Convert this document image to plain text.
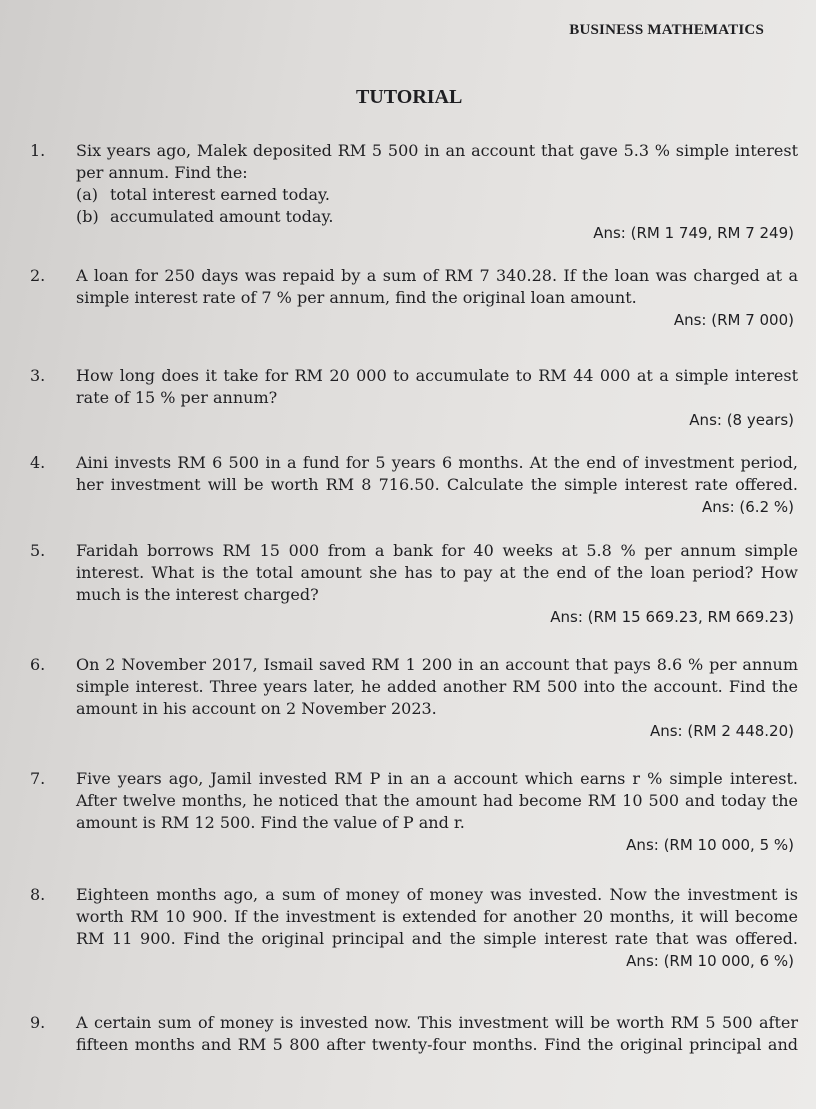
BUSINESS MATHEMATICS
TUTORIAL
1.	Six years ago, Malek deposited RM 5 500 in an account that gave 5.3 % simple interest
per annum. Find the:
(a) total interest earned today.
(b) accumulated amount today.
Ans: (RM 1 749, RM 7 249)
2.	A loan for 250 days was repaid by a sum of RM 7 340.28. If the loan was charged at a
simple interest rate of 7 % per annum, find the original loan amount.
Ans: (RM 7 000)
3.	How long does it take for RM 20 000 to accumulate to RM 44 000 at a simple interest
rate of 15 % per annum?
Ans: (8 years)
4.	Aini invests RM 6 500 in a fund for 5 years 6 months. At the end of investment period,
her investment will be worth RM 8 716.50. Calculate the simple interest rate offered.
Ans: (6.2 %)
5.	Faridah borrows RM 15 000 from a bank for 40 weeks at 5.8 % per annum simple
interest. What is the total amount she has to pay at the end of the loan period? How
much is the interest charged?
Ans: (RM 15 669.23, RM 669.23)
6.	On 2 November 2017, Ismail saved RM 1 200 in an account that pays 8.6 % per annum
simple interest. Three years later, he added another RM 500 into the account. Find the
amount in his account on 2 November 2023.
Ans: (RM 2 448.20)
7.	Five years ago, Jamil invested RM P in an a account which earns r % simple interest.
After twelve months, he noticed that the amount had become RM 10 500 and today the
amount is RM 12 500. Find the value of P and r.
Ans: (RM 10 000, 5 %)
8.	Eighteen months ago, a sum of money of money was invested. Now the investment is
worth RM 10 900. If the investment is extended for another 20 months, it will become
RM 11 900. Find the original principal and the simple interest rate that was offered.
Ans: (RM 10 000, 6 %)
9.	A certain sum of money is invested now. This investment will be worth RM 5 500 after
fifteen months and RM 5 800 after twenty-four months. Find the original principal and
